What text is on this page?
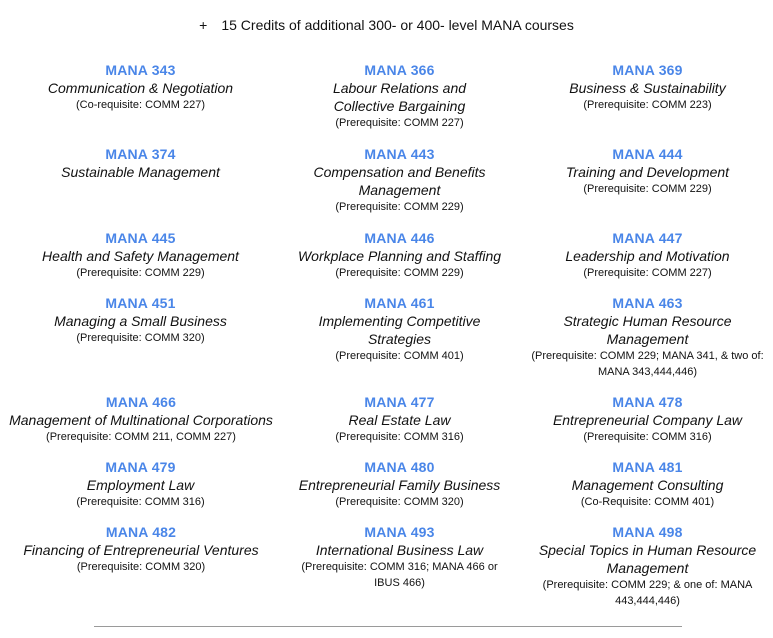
+ 15 Credits of additional 300- or 400- level MANA courses
MANA 343
Communication & Negotiation
(Co-requisite: COMM 227)
MANA 366
Labour Relations and Collective Bargaining
(Prerequisite: COMM 227)
MANA 369
Business & Sustainability
(Prerequisite: COMM 223)
MANA 374
Sustainable Management
MANA 443
Compensation and Benefits Management
(Prerequisite: COMM 229)
MANA 444
Training and Development
(Prerequisite: COMM 229)
MANA 445
Health and Safety Management
(Prerequisite: COMM 229)
MANA 446
Workplace Planning and Staffing
(Prerequisite: COMM 229)
MANA 447
Leadership and Motivation
(Prerequisite: COMM 227)
MANA 451
Managing a Small Business
(Prerequisite: COMM 320)
MANA 461
Implementing Competitive Strategies
(Prerequisite: COMM 401)
MANA 463
Strategic Human Resource Management
(Prerequisite: COMM 229; MANA 341, & two of: MANA 343,444,446)
MANA 466
Management of Multinational Corporations
(Prerequisite: COMM 211, COMM 227)
MANA 477
Real Estate Law
(Prerequisite: COMM 316)
MANA 478
Entrepreneurial Company Law
(Prerequisite: COMM 316)
MANA 479
Employment Law
(Prerequisite: COMM 316)
MANA 480
Entrepreneurial Family Business
(Prerequisite: COMM 320)
MANA 481
Management Consulting
(Co-Requisite: COMM 401)
MANA 482
Financing of Entrepreneurial Ventures
(Prerequisite: COMM 320)
MANA 493
International Business Law
(Prerequisite: COMM 316; MANA 466 or IBUS 466)
MANA 498
Special Topics in Human Resource Management
(Prerequisite: COMM 229; & one of: MANA 443,444,446)
